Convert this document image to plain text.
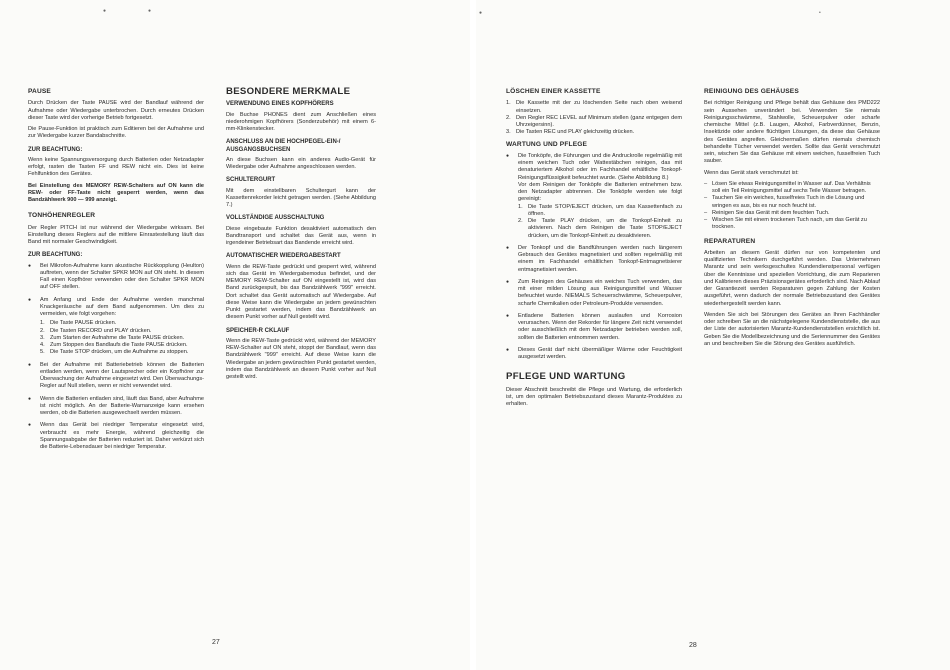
●	●
PAUSE

Durch Drücken der Taste PAUSE wird der Bandlauf während der Aufnahme oder Wiedergabe unterbrochen. Durch erneutes Drücken dieser Taste wird der vorherige Betrieb fortgesetzt.

Die Pause-Funktion ist praktisch zum Editieren bei der Aufnahme und zur Wiedergabe kurzer Bandabschnitte.

ZUR BEACHTUNG:

Wenn keine Spannungsversorgung durch Batterien oder Netzadapter erfolgt, rasten die Tasten FF und REW nicht ein. Dies ist keine Fehlfunktion des Gerätes.

Bei Einstellung des MEMORY REW-Schalters auf ON kann die REW- oder FF-Taste nicht gesperrt werden, wenn das Bandzählwerk 900 — 999 anzeigt.

TONHÖHENREGLER

Der Regler PITCH ist nur während der Wiedergabe wirksam. Bei Einstellung dieses Reglers auf die mittlere Einrastestellung läuft das Band mit normaler Geschwindigkeit.

ZUR BEACHTUNG:
● Bei Mikrofon-Aufnahme kann akustische Rückkopplung (Heulton) auftreten, wenn der Schalter SPKR MON auf ON steht. In diesem Fall einen Kopfhörer verwenden oder den Schalter SPKR MON auf OFF stellen.
● Am Anfang und Ende der Aufnahme werden manchmal Knackgeräusche auf dem Band aufgenommen. Um dies zu vermeiden, wie folgt vorgehen:
1. Die Taste PAUSE drücken.
2. Die Tasten RECORD und PLAY drücken.
3. Zum Starten der Aufnahme die Taste PAUSE drücken.
4. Zum Stoppen des Bandlaufs die Taste PAUSE drücken.
5. Die Taste STOP drücken, um die Aufnahme zu stoppen.
● Bei der Aufnahme mit Batteriebetrieb können die Batterien entladen werden, wenn der Lautsprecher oder ein Kopfhörer zur Überwachung der Aufnahme eingesetzt wird. Den Überwachungs-Regler auf Null stellen, wenn er nicht verwendet wird.
● Wenn die Batterien entladen sind, läuft das Band, aber Aufnahme ist nicht möglich. An der Batterie-Warnanzeige kann ersehen werden, ob die Batterien ausgewechselt werden müssen.
● Wenn das Gerät bei niedriger Temperatur eingesetzt wird, verbraucht es mehr Energie, während gleichzeitig die Spannungsabgabe der Batterien reduziert ist. Daher verkürzt sich die Batterie-Lebensdauer bei niedriger Temperatur.
BESONDERE MERKMALE
VERWENDUNG EINES KOPFHÖRERS

Die Buchse PHONES dient zum Anschließen eines niederohmigen Kopfhörers (Sonderzubehör) mit einem 6-mm-Klinkenstecker.

ANSCHLUSS AN DIE HOCHPEGEL-EIN-/ AUSGANGSBUCHSEN

An diese Buchsen kann ein anderes Audio-Gerät für Wiedergabe oder Aufnahme angeschlossen werden.

SCHULTERGURT

Mit dem einstellbaren Schultergurt kann der Kassettenrekorder leicht getragen werden. (Siehe Abbildung 7.)

VOLLSTÄNDIGE AUSSCHALTUNG

Diese eingebaute Funktion desaktiviert automatisch den Bandtransport und schaltet das Gerät aus, wenn in irgendeiner Betriebsart das Bandende erreicht wird.

AUTOMATISCHER WIEDERGABESTART

Wenn die REW-Taste gedrückt und gesperrt wird, während sich das Gerät im Wiedergabemodus befindet, und der MEMORY REW-Schalter auf ON eingestellt ist, wird das Band zurückgespult, bis das Bandzählwerk "999" erreicht. Dort schaltet das Gerät automatisch auf Wiedergabe. Auf diese Weise kann die Wiedergabe an jedem gewünschten Punkt gestartet werden, indem das Bandzählwerk an diesem Punkt vorher auf Null gestellt wird.

SPEICHER-R CKLAUF

Wenn die REW-Taste gedrückt wird, während der MEMORY REW-Schalter auf ON steht, stoppt der Bandlauf, wenn das Bandzählwerk "999" erreicht. Auf diese Weise kann die Wiedergabe an jedem gewünschten Punkt gestartet werden, indem das Bandzählwerk an diesem Punkt vorher auf Null gestellt wird.

27
●	•
LÖSCHEN EINER KASSETTE
1. Die Kassette mit der zu löschenden Seite nach oben weisend einsetzen.
2. Den Regler REC LEVEL auf Minimum stellen (ganz entgegen dem Uhrzeigersinn).
3. Die Tasten REC und PLAY gleichzeitig drücken.
WARTUNG UND PFLEGE
● Die Tonköpfe, die Führungen und die Andruckrolle regelmäßig mit einem weichen Tuch oder Wattestäbchen reinigen, das mit denaturiertem Alkohol oder im Fachhandel erhältliche Tonkopf-Reinigungsflüssigkeit befeuchtet wurde. (Siehe Abbildung 8.)
Vor dem Reinigen der Tonköpfe die Batterien entnehmen bzw. den Netzadapter abtrennen. Die Tonköpfe werden wie folgt gereinigt:
1. Die Taste STOP/EJECT drücken, um das Kassettenfach zu öffnen.
2. Die Taste PLAY drücken, um die Tonkopf-Einheit zu aktivieren. Nach dem Reinigen die Taste STOP/EJECT drücken, um die Tonkopf-Einheit zu desaktivieren.
● Der Tonkopf und die Bandführungen werden nach längerem Gebrauch des Gerätes magnetisiert und sollten regelmäßig mit einem im Fachhandel erhältlichen Tonkopf-Entmagnetisierer entmagnetisiert werden.
● Zum Reinigen des Gehäuses ein weiches Tuch verwenden, das mit einer milden Lösung aus Reinigungsmittel und Wasser befeuchtet wurde. NIEMALS Scheuerschwämme, Scheuerpulver, scharfe Chemikalien oder Petroleum-Produkte verwenden.
● Entladene Batterien können auslaufen und Korrosion verursachen. Wenn der Rekorder für längere Zeit nicht verwendet oder ausschließlich mit dem Netzadapter betrieben werden soll, sollten die Batterien entnommen werden.
● Dieses Gerät darf nicht übermäßiger Wärme oder Feuchtigkeit ausgesetzt werden.
PFLEGE UND WARTUNG

Dieser Abschnitt beschreibt die Pflege und Wartung, die erforderlich ist, um den optimalen Betriebszustand dieses Marantz-Produktes zu erhalten.

REINIGUNG DES GEHÄUSES

Bei richtiger Reinigung und Pflege behält das Gehäuse des PMD222 sein Aussehen unverändert bei. Verwenden Sie niemals Reinigungsschwämme, Stahlwolle, Scheuerpulver oder scharfe chemische Mittel (z.B. Laugen, Alkohol, Farbverdünner, Benzin, Insektizide oder andere flüchtigen Lösungen, da diese das Gehäuse des Gerätes angreifen. Gleichermaßen dürfen niemals chemisch behandelte Tücher verwendet werden. Sollte das Gerät verschmutzt sein, wischen Sie das Gehäuse mit einem weichen, fusselfreien Tuch sauber.

Wenn das Gerät stark verschmutzt ist:

– Lösen Sie etwas Reinigungsmittel in Wasser auf. Das Verhältnis soll ein Teil Reinigungsmittel auf sechs Teile Wasser betragen.
– Tauchen Sie ein weiches, fusselfreies Tuch in die Lösung und wringen es aus, bis es nur noch feucht ist.
– Reinigen Sie das Gerät mit dem feuchten Tuch.
– Wischen Sie mit einem trockenen Tuch nach, um das Gerät zu trocknen.
REPARATUREN

Arbeiten an diesem Gerät dürfen nur von kompetenten und qualifizierten Technikern durchgeführt werden. Das Unternehmen Marantz und sein werksgeschultes Kundendienstpersonal verfügen über die Kenntnisse und speziellen Vorrichtung, die zum Reparieren und Kalibrieren dieses Präzisionsgerätes erforderlich sind. Nach Ablauf der Garantiezeit werden Reparaturen gegen Zahlung der Kosten ausgeführt, wenn dadurch der normale Betriebszustand des Gerätes wiederhergestellt werden kann.

Wenden Sie sich bei Störungen des Gerätes an Ihren Fachhändler oder schreiben Sie an die nächstgelegene Kundendienststelle, die aus der Liste der autorisierten Marantz-Kundendienststellen ersichtlich ist. Geben Sie die Modellbezeichnung und die Seriennummer des Gerätes an und beschreiben Sie die Störung des Gerätes ausführlich.

28
